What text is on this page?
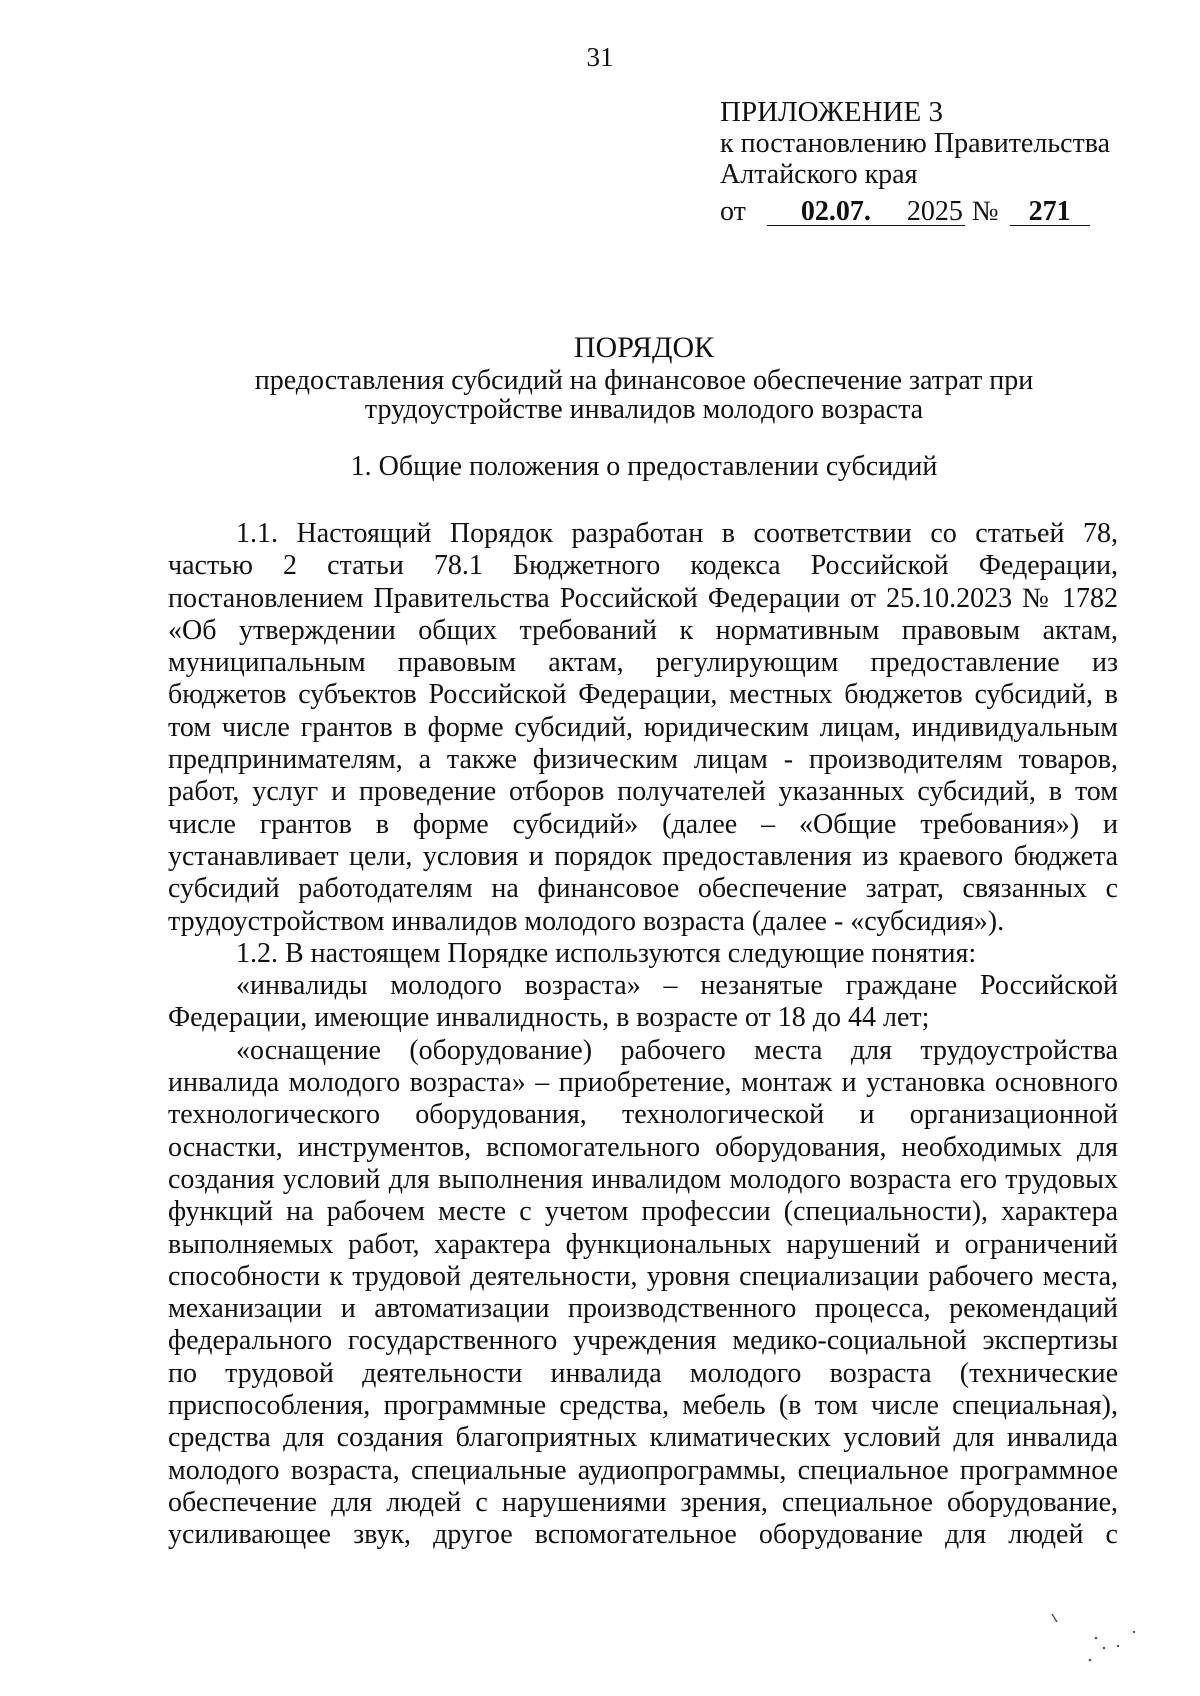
31
ПРИЛОЖЕНИЕ 3
к постановлению Правительства
Алтайского края
от 02.07. 2025 № 271
ПОРЯДОК
предоставления субсидий на финансовое обеспечение затрат при
трудоустройстве инвалидов молодого возраста
1. Общие положения о предоставлении субсидий
1.1. Настоящий Порядок разработан в соответствии со статьей 78,
частью 2 статьи 78.1 Бюджетного кодекса Российской Федерации,
постановлением Правительства Российской Федерации от 25.10.2023 № 1782
«Об утверждении общих требований к нормативным правовым актам,
муниципальным правовым актам, регулирующим предоставление из
бюджетов субъектов Российской Федерации, местных бюджетов субсидий, в
том числе грантов в форме субсидий, юридическим лицам, индивидуальным
предпринимателям, а также физическим лицам - производителям товаров,
работ, услуг и проведение отборов получателей указанных субсидий, в том
числе грантов в форме субсидий» (далее – «Общие требования») и
устанавливает цели, условия и порядок предоставления из краевого бюджета
субсидий работодателям на финансовое обеспечение затрат, связанных с
трудоустройством инвалидов молодого возраста (далее - «субсидия»).
1.2. В настоящем Порядке используются следующие понятия:
«инвалиды молодого возраста» – незанятые граждане Российской
Федерации, имеющие инвалидность, в возрасте от 18 до 44 лет;
«оснащение (оборудование) рабочего места для трудоустройства
инвалида молодого возраста» – приобретение, монтаж и установка основного
технологического оборудования, технологической и организационной
оснастки, инструментов, вспомогательного оборудования, необходимых для
создания условий для выполнения инвалидом молодого возраста его трудовых
функций на рабочем месте с учетом профессии (специальности), характера
выполняемых работ, характера функциональных нарушений и ограничений
способности к трудовой деятельности, уровня специализации рабочего места,
механизации и автоматизации производственного процесса, рекомендаций
федерального государственного учреждения медико-социальной экспертизы
по трудовой деятельности инвалида молодого возраста (технические
приспособления, программные средства, мебель (в том числе специальная),
средства для создания благоприятных климатических условий для инвалида
молодого возраста, специальные аудиопрограммы, специальное программное
обеспечение для людей с нарушениями зрения, специальное оборудование,
усиливающее звук, другое вспомогательное оборудование для людей с
